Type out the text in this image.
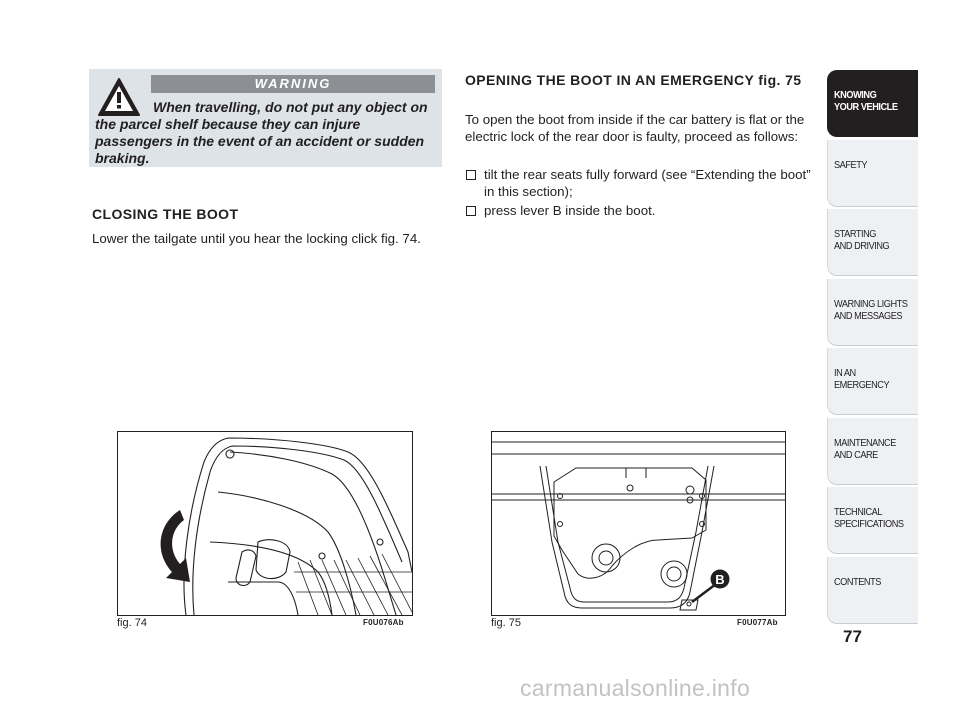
WARNING

When travelling, do not put any object on the parcel shelf because they can injure passengers in the event of an accident or sudden braking.

CLOSING THE BOOT

Lower the tailgate until you hear the locking click fig. 74.

OPENING THE BOOT IN AN EMERGENCY fig. 75

To open the boot from inside if the car battery is flat or the electric lock of the rear door is faulty, proceed as follows:

tilt the rear seats fully forward (see “Extending the boot” in this section);
press lever B inside the boot.
fig. 74	F0U076Ab
B
fig. 75	F0U077Ab
KNOWING
YOUR VEHICLE
SAFETY
STARTING
AND DRIVING
WARNING LIGHTS
AND MESSAGES
IN AN
EMERGENCY
MAINTENANCE
AND CARE
TECHNICAL
SPECIFICATIONS
CONTENTS
77
carmanualsonline.info
